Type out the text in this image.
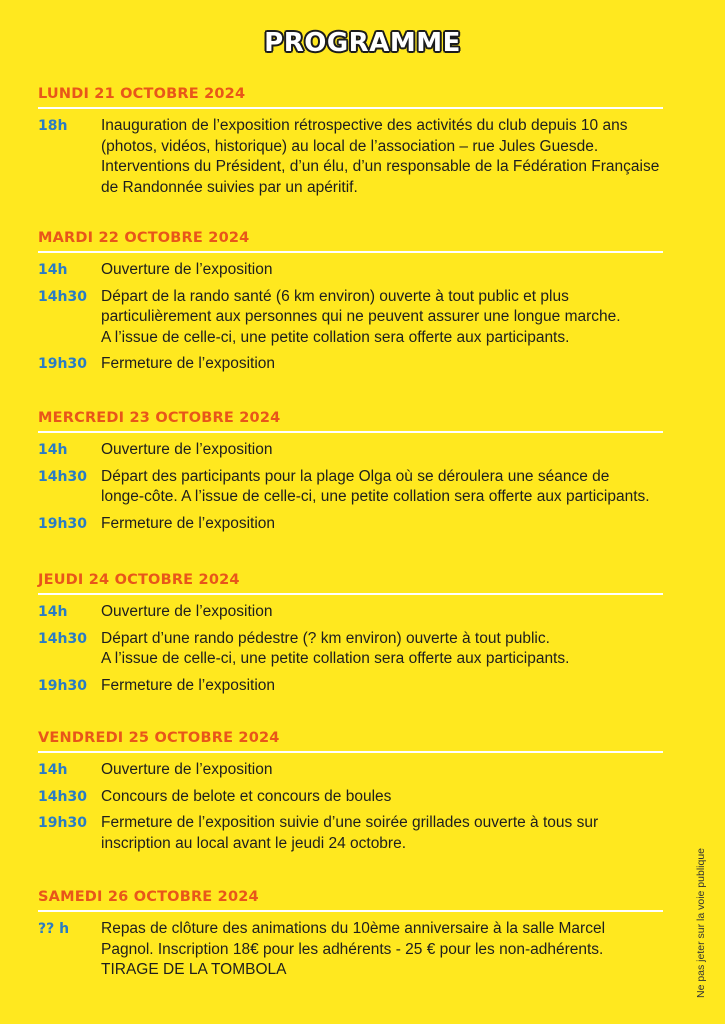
PROGRAMME
LUNDI 21 OCTOBRE 2024
18h	Inauguration de l’exposition rétrospective des activités du club depuis 10 ans
(photos, vidéos, historique) au local de l’association – rue Jules Guesde.
Interventions du Président, d’un élu, d’un responsable de la Fédération Française
de Randonnée suivies par un apéritif.
MARDI 22 OCTOBRE 2024
14h	Ouverture de l’exposition
14h30 Départ de la rando santé (6 km environ) ouverte à tout public et plus
particulièrement aux personnes qui ne peuvent assurer une longue marche.
A l’issue de celle-ci, une petite collation sera offerte aux participants.
19h30 Fermeture de l’exposition
MERCREDI 23 OCTOBRE 2024
14h	Ouverture de l’exposition
14h30 Départ des participants pour la plage Olga où se déroulera une séance de
longe-côte. A l’issue de celle-ci, une petite collation sera offerte aux participants.
19h30 Fermeture de l’exposition
JEUDI 24 OCTOBRE 2024
14h	Ouverture de l’exposition
14h30 Départ d’une rando pédestre (? km environ) ouverte à tout public.
A l’issue de celle-ci, une petite collation sera offerte aux participants.
19h30 Fermeture de l’exposition
VENDREDI 25 OCTOBRE 2024
14h	Ouverture de l’exposition
14h30 Concours de belote et concours de boules
19h30 Fermeture de l’exposition suivie d’une soirée grillades ouverte à tous sur
inscription au local avant le jeudi 24 octobre.
SAMEDI 26 OCTOBRE 2024
?? h	Repas de clôture des animations du 10ème anniversaire à la salle Marcel
Pagnol. Inscription 18€ pour les adhérents - 25 € pour les non-adhérents.
TIRAGE DE LA TOMBOLA	Ne pas jeter sur la voie publique
